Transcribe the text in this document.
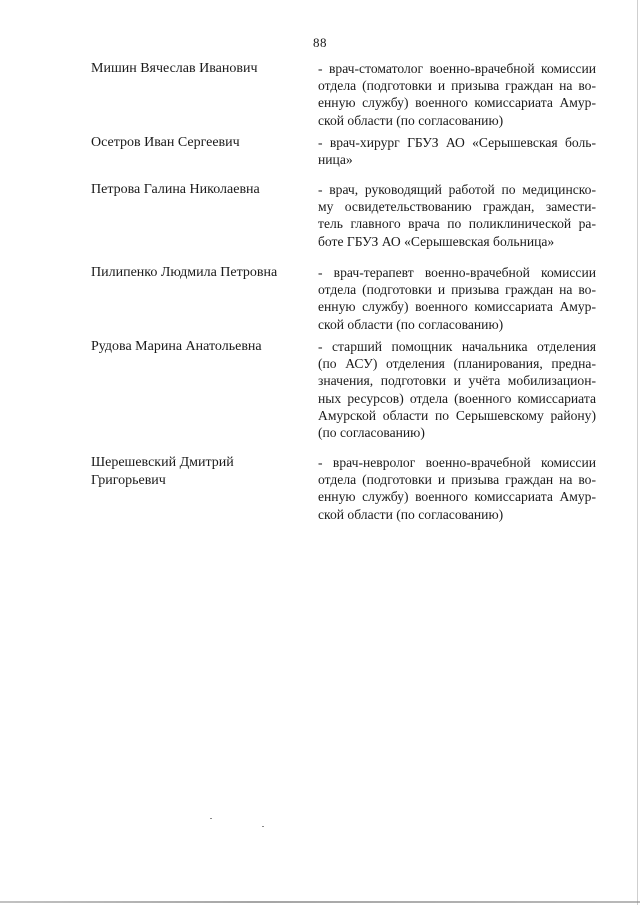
88
Мишин Вячеслав Иванович	- врач-стоматолог военно-врачебной комиссии
отдела (подготовки и призыва граждан на во-
енную службу) военного комиссариата Амур-
ской области (по согласованию)
Осетров Иван Сергеевич	- врач-хирург ГБУЗ АО «Серышевская боль-
ница»
Петрова Галина Николаевна	- врач, руководящий работой по медицинско-
му освидетельствованию граждан, замести-
тель главного врача по поликлинической ра-
боте ГБУЗ АО «Серышевская больница»
Пилипенко Людмила Петровна	- врач-терапевт военно-врачебной комиссии
отдела (подготовки и призыва граждан на во-
енную службу) военного комиссариата Амур-
ской области (по согласованию)
Рудова Марина Анатольевна	- старший помощник начальника отделения
(по АСУ) отделения (планирования, предна-
значения, подготовки и учёта мобилизацион-
ных ресурсов) отдела (военного комиссариата
Амурской области по Серышевскому району)
(по согласованию)
Шерешевский Дмитрий
Григорьевич
- врач-невролог военно-врачебной комиссии
отдела (подготовки и призыва граждан на во-
енную службу) военного комиссариата Амур-
ской области (по согласованию)
